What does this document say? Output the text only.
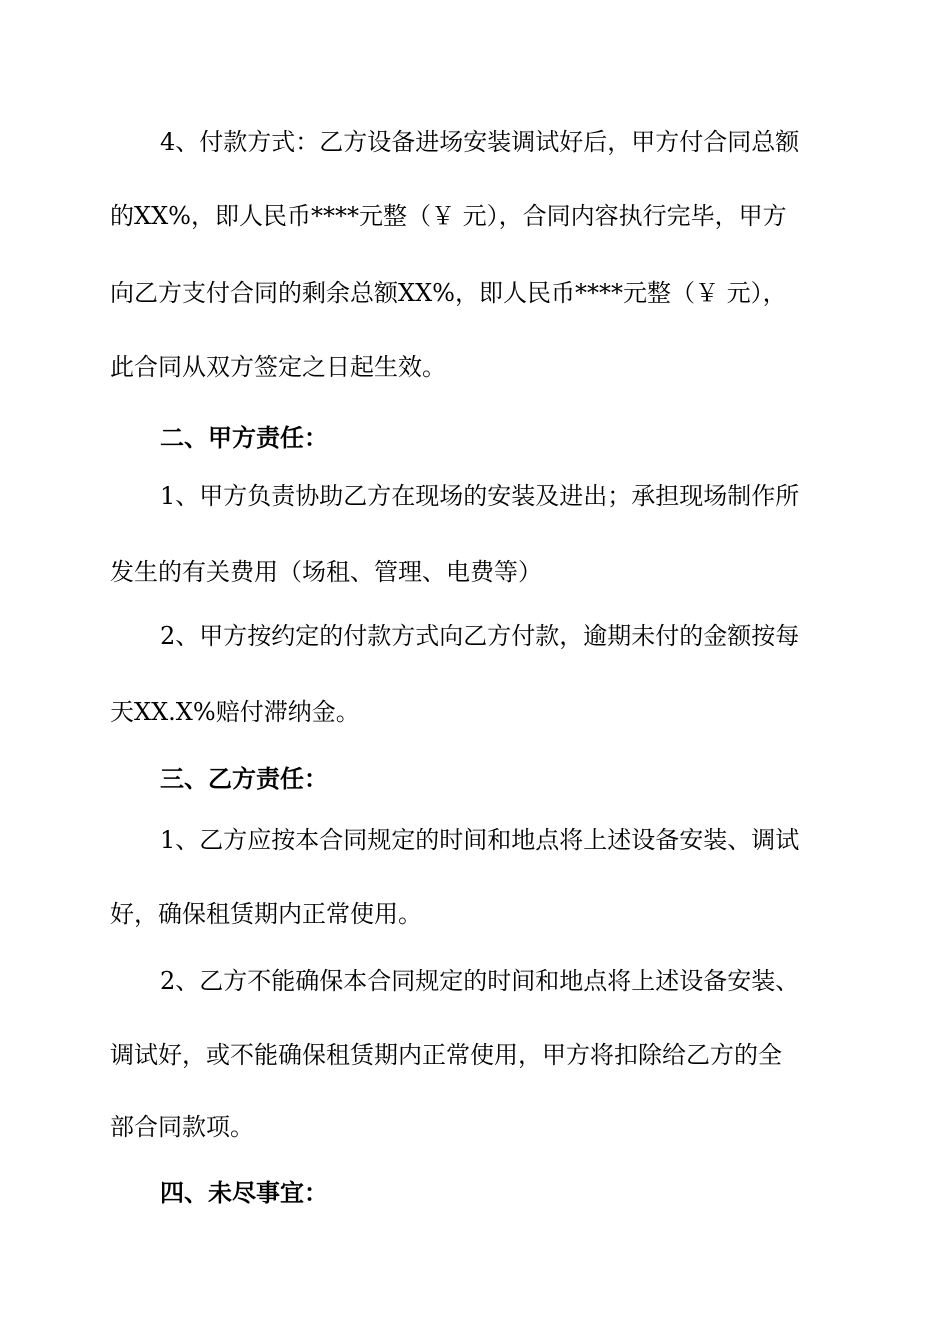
4、付款方式：乙方设备进场安装调试好后，甲方付合同总额
的XX%，即人民币****元整（￥ 元），合同内容执行完毕，甲方
向乙方支付合同的剩余总额XX%，即人民币****元整（￥ 元），
此合同从双方签定之日起生效。
二、甲方责任：
1、甲方负责协助乙方在现场的安装及进出；承担现场制作所
发生的有关费用（场租、管理、电费等）
2、甲方按约定的付款方式向乙方付款，逾期未付的金额按每
天XX.X%赔付滞纳金。
三、乙方责任：
1、乙方应按本合同规定的时间和地点将上述设备安装、调试
好，确保租赁期内正常使用。
2、乙方不能确保本合同规定的时间和地点将上述设备安装、
调试好，或不能确保租赁期内正常使用，甲方将扣除给乙方的全
部合同款项。
四、未尽事宜：
